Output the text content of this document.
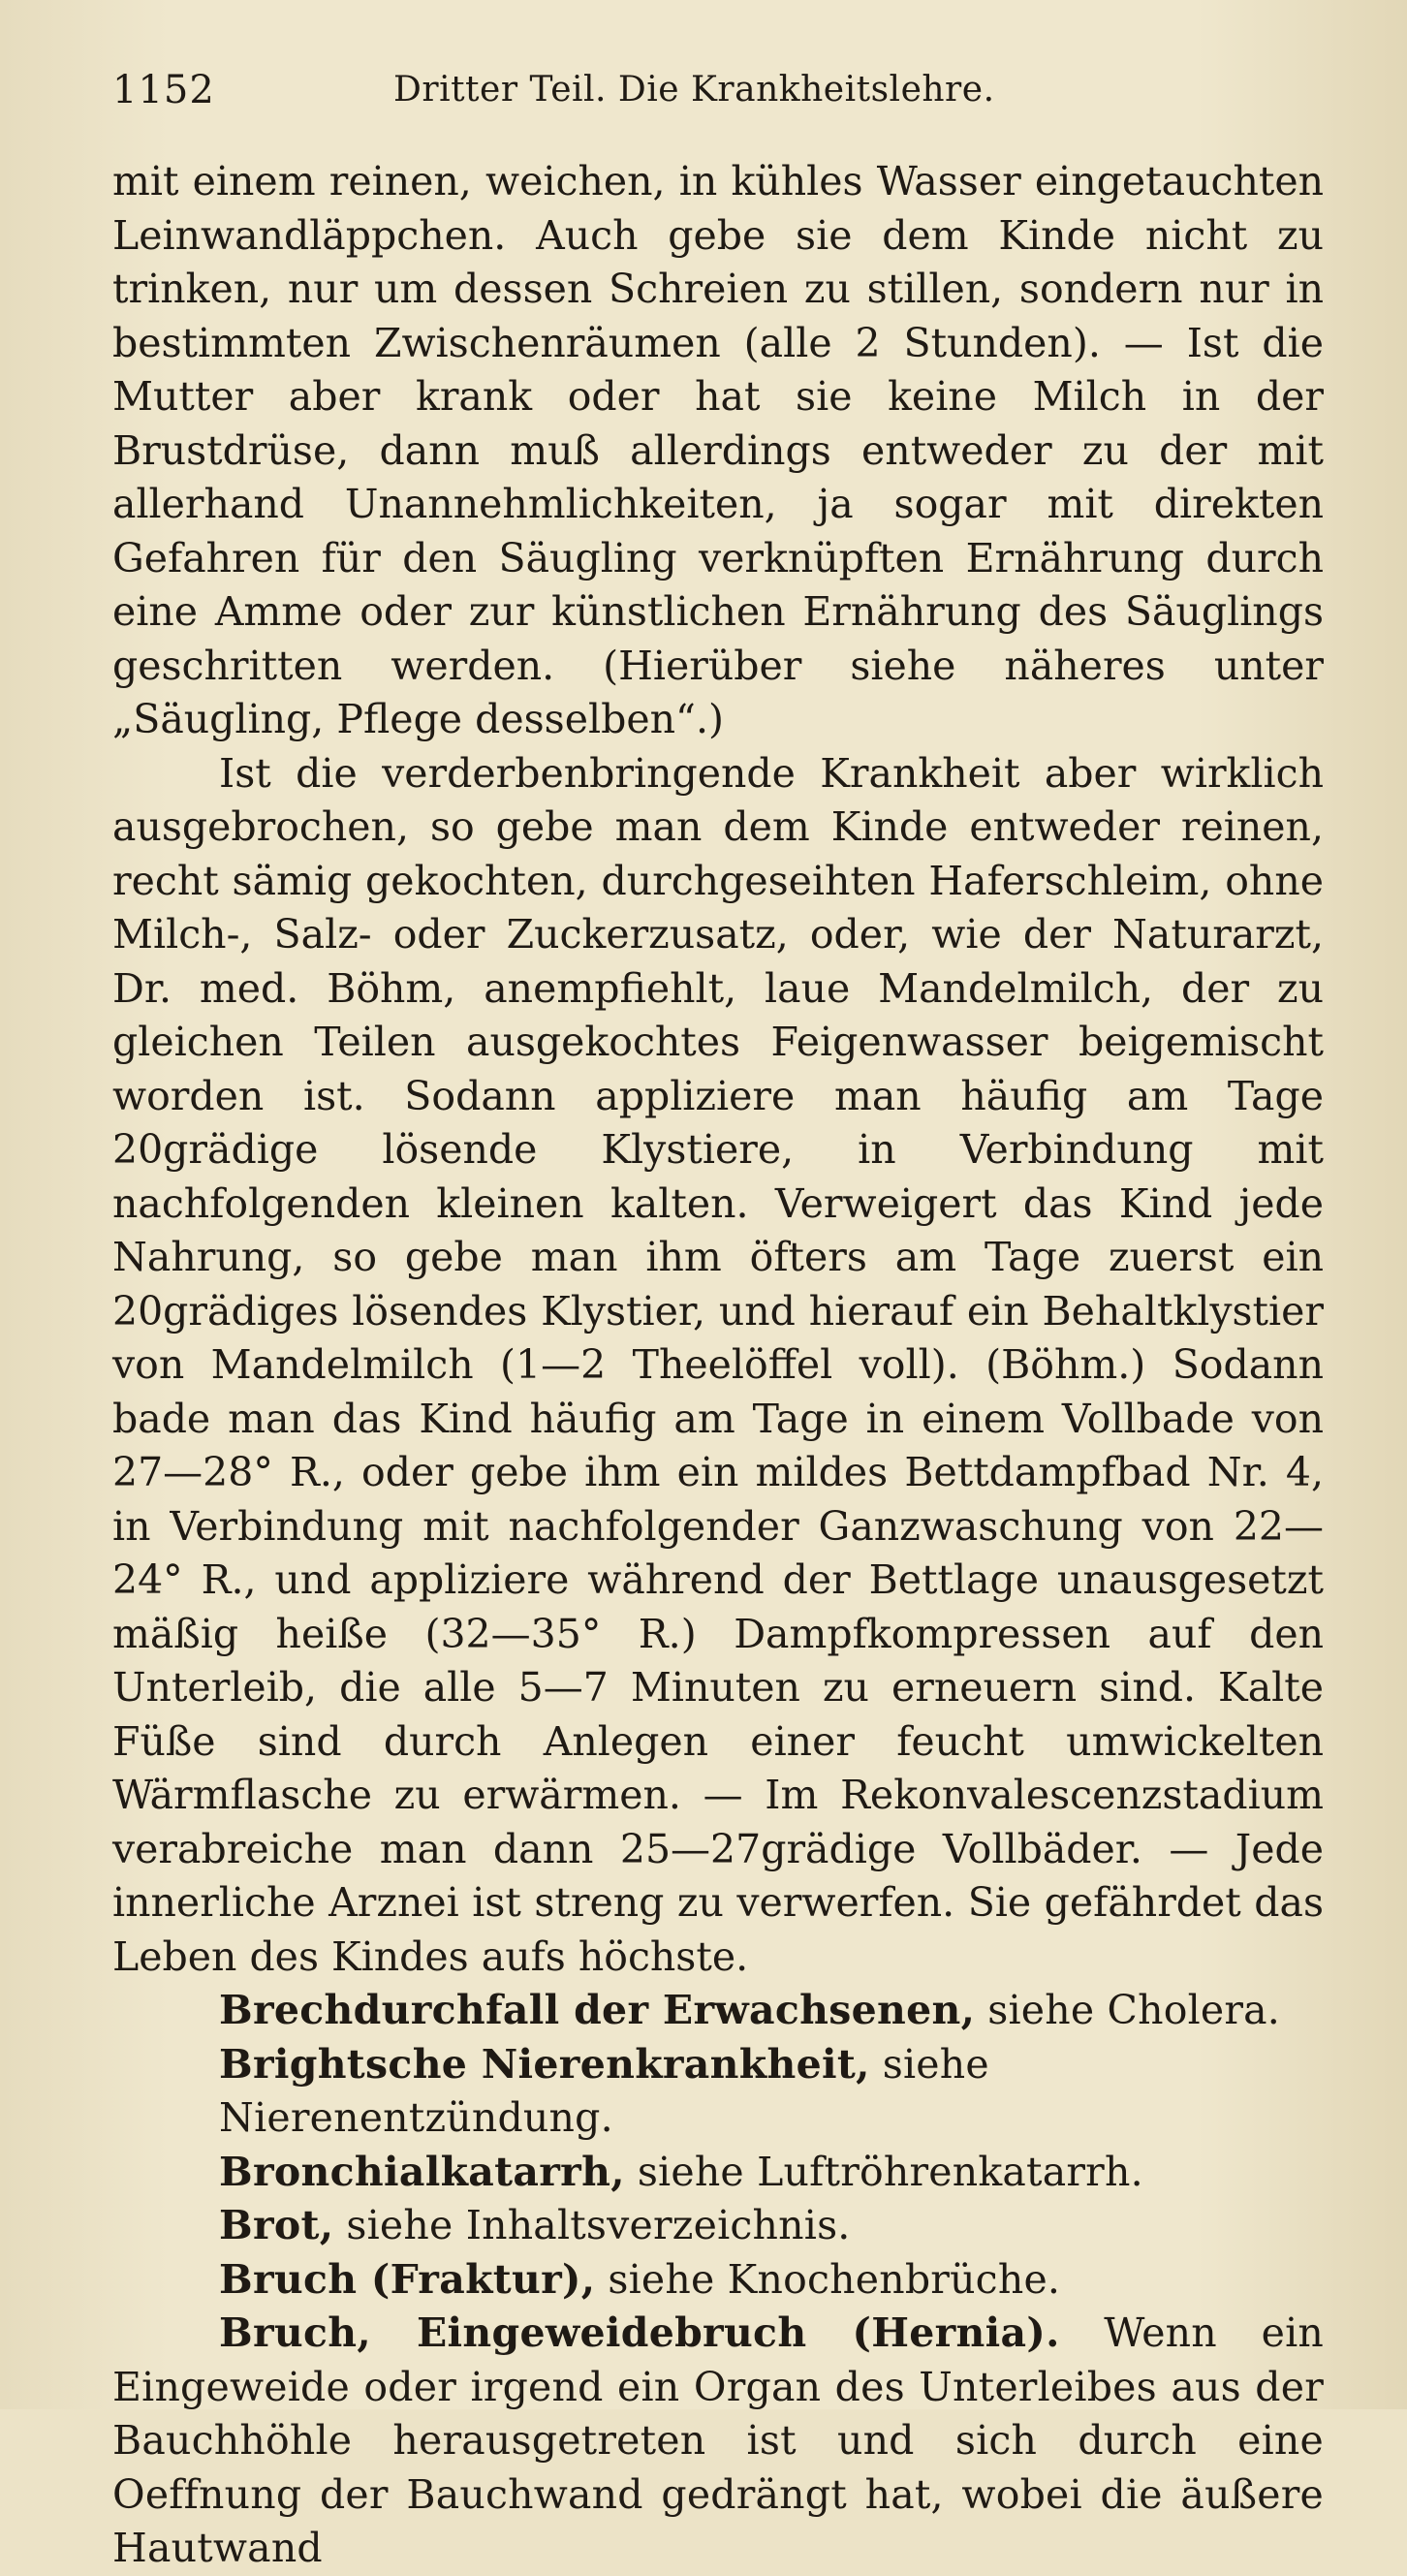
1152	Dritter Teil. Die Krankheitslehre.

mit einem reinen, weichen, in kühles Wasser eingetauchten Leinwandläppchen. Auch gebe sie dem Kinde nicht zu trinken, nur um dessen Schreien zu stillen, sondern nur in bestimmten Zwischenräumen (alle 2 Stunden). — Ist die Mutter aber krank oder hat sie keine Milch in der Brustdrüse, dann muß allerdings entweder zu der mit allerhand Unannehmlichkeiten, ja sogar mit direkten Gefahren für den Säugling verknüpften Ernährung durch eine Amme oder zur künstlichen Ernährung des Säuglings geschritten werden. (Hierüber siehe näheres unter „Säugling, Pflege desselben“.)

Ist die verderbenbringende Krankheit aber wirklich ausgebrochen, so gebe man dem Kinde entweder reinen, recht sämig gekochten, durchgeseihten Haferschleim, ohne Milch-, Salz- oder Zuckerzusatz, oder, wie der Naturarzt, Dr. med. Böhm, anempfiehlt, laue Mandelmilch, der zu gleichen Teilen ausgekochtes Feigenwasser beigemischt worden ist. Sodann appliziere man häufig am Tage 20grädige lösende Klystiere, in Verbindung mit nachfolgenden kleinen kalten. Verweigert das Kind jede Nahrung, so gebe man ihm öfters am Tage zuerst ein 20grädiges lösendes Klystier, und hierauf ein Behaltklystier von Mandelmilch (1—2 Theelöffel voll). (Böhm.) Sodann bade man das Kind häufig am Tage in einem Vollbade von 27—28° R., oder gebe ihm ein mildes Bettdampfbad Nr. 4, in Verbindung mit nachfolgender Ganzwaschung von 22—24° R., und appliziere während der Bettlage unausgesetzt mäßig heiße (32—35° R.) Dampfkompressen auf den Unterleib, die alle 5—7 Minuten zu erneuern sind. Kalte Füße sind durch Anlegen einer feucht umwickelten Wärmflasche zu erwärmen. — Im Rekonvalescenzstadium verabreiche man dann 25—27grädige Vollbäder. — Jede innerliche Arznei ist streng zu verwerfen. Sie gefährdet das Leben des Kindes aufs höchste.

Brechdurchfall der Erwachsenen, siehe Cholera.

Brightsche Nierenkrankheit, siehe Nierenentzündung.

Bronchialkatarrh, siehe Luftröhrenkatarrh.

Brot, siehe Inhaltsverzeichnis.

Bruch (Fraktur), siehe Knochenbrüche.

Bruch, Eingeweidebruch (Hernia). Wenn ein Eingeweide oder irgend ein Organ des Unterleibes aus der Bauchhöhle herausgetreten ist und sich durch eine Oeffnung der Bauchwand gedrängt hat, wobei die äußere Hautwand
